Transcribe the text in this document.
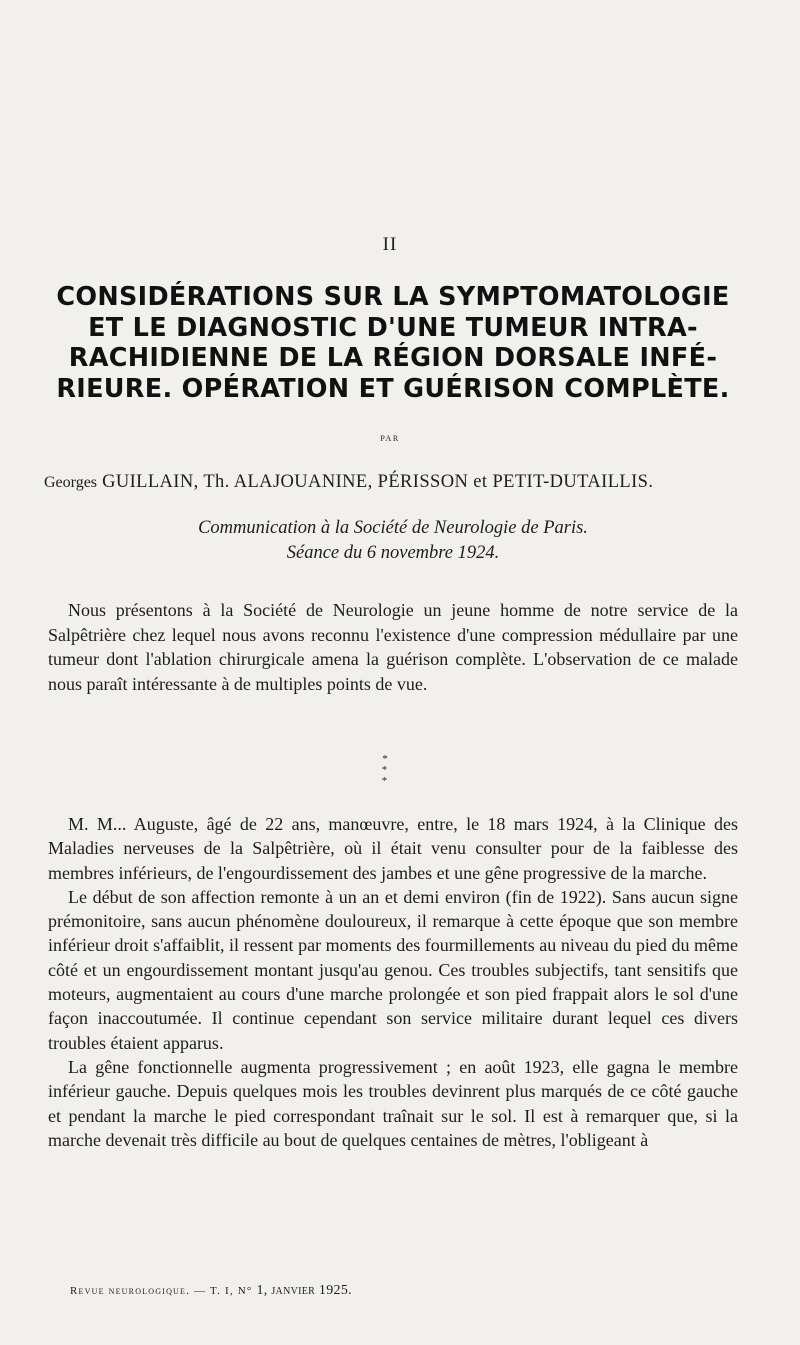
II
CONSIDÉRATIONS SUR LA SYMPTOMATOLOGIE
ET LE DIAGNOSTIC D'UNE TUMEUR INTRA-
RACHIDIENNE DE LA RÉGION DORSALE INFÉ-
RIEURE. OPÉRATION ET GUÉRISON COMPLÈTE.
PAR
Georges GUILLAIN, Th. ALAJOUANINE, PÉRISSON et PETIT-DUTAILLIS.
Communication à la Société de Neurologie de Paris.
Séance du 6 novembre 1924.

Nous présentons à la Société de Neurologie un jeune homme de notre service de la Salpêtrière chez lequel nous avons reconnu l'existence d'une compression médullaire par une tumeur dont l'ablation chirurgicale amena la guérison complète. L'observation de ce malade nous paraît intéressante à de multiples points de vue.

*
* *

M. M... Auguste, âgé de 22 ans, manœuvre, entre, le 18 mars 1924, à la Clinique des Maladies nerveuses de la Salpêtrière, où il était venu consulter pour de la faiblesse des membres inférieurs, de l'engourdissement des jambes et une gêne progressive de la marche.

Le début de son affection remonte à un an et demi environ (fin de 1922). Sans aucun signe prémonitoire, sans aucun phénomène douloureux, il remarque à cette époque que son membre inférieur droit s'affaiblit, il ressent par moments des fourmillements au niveau du pied du même côté et un engourdissement montant jusqu'au genou. Ces troubles subjectifs, tant sensitifs que moteurs, augmentaient au cours d'une marche prolongée et son pied frappait alors le sol d'une façon inaccoutumée. Il continue cependant son service militaire durant lequel ces divers troubles étaient apparus.

La gêne fonctionnelle augmenta progressivement ; en août 1923, elle gagna le membre inférieur gauche. Depuis quelques mois les troubles devinrent plus marqués de ce côté gauche et pendant la marche le pied correspondant traînait sur le sol. Il est à remarquer que, si la marche devenait très difficile au bout de quelques centaines de mètres, l'obligeant à

Revue neurologique. — T. I, N° 1, janvier 1925.
